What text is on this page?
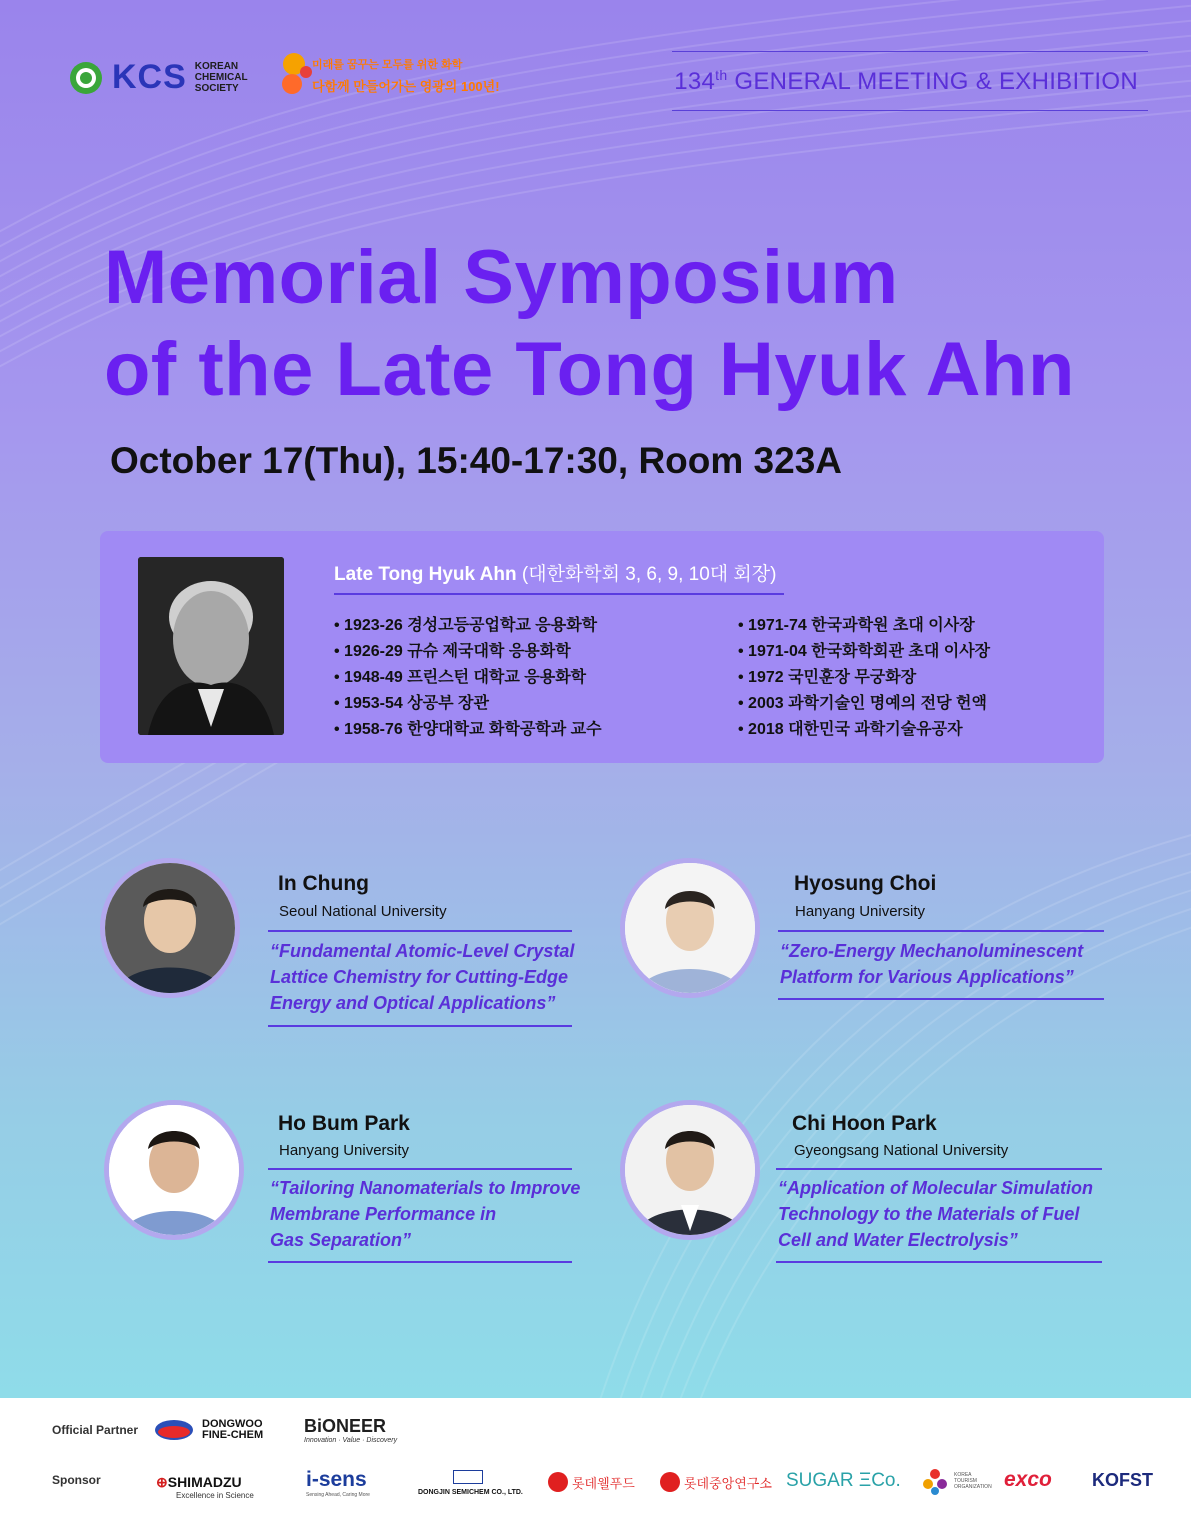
KCS KOREAN
CHEMICAL
SOCIETY
미래를 꿈꾸는 모두를 위한 화학
다함께 만들어가는 영광의 100년!	134th GENERAL MEETING & EXHIBITION
Memorial Symposium
of the Late Tong Hyuk Ahn
October 17(Thu), 15:40-17:30, Room 323A
Late Tong Hyuk Ahn (대한화학회 3, 6, 9, 10대 회장)
• 1923-26 경성고등공업학교 응용화학
• 1926-29 규슈 제국대학 응용화학
• 1948-49 프린스턴 대학교 응용화학
• 1953-54 상공부 장관
• 1958-76 한양대학교 화학공학과 교수
• 1971-74 한국과학원 초대 이사장
• 1971-04 한국화학회관 초대 이사장
• 1972 국민훈장 무궁화장
• 2003 과학기술인 명예의 전당 헌액
• 2018 대한민국 과학기술유공자
In Chung
Seoul National University
“Fundamental Atomic-Level Crystal
Lattice Chemistry for Cutting-Edge
Energy and Optical Applications”
Hyosung Choi
Hanyang University
“Zero-Energy Mechanoluminescent
Platform for Various Applications”
Ho Bum Park
Hanyang University
“Tailoring Nanomaterials to Improve
Membrane Performance in
Gas Separation”
Chi Hoon Park
Gyeongsang National University
“Application of Molecular Simulation
Technology to the Materials of Fuel
Cell and Water Electrolysis”
Official Partner
Sponsor
DONGWOO FINE-CHEM	BiONEER
Innovation · Value · Discovery
⊕SHIMADZU
Excellence in Science
i-sens
Sensing Ahead, Caring More	DONGJIN SEMICHEM CO., LTD.
롯데웰푸드	롯데중앙연구소 SUGAR ΞCo.	KOREA TOURISM ORGANIZATION exco KOFST
